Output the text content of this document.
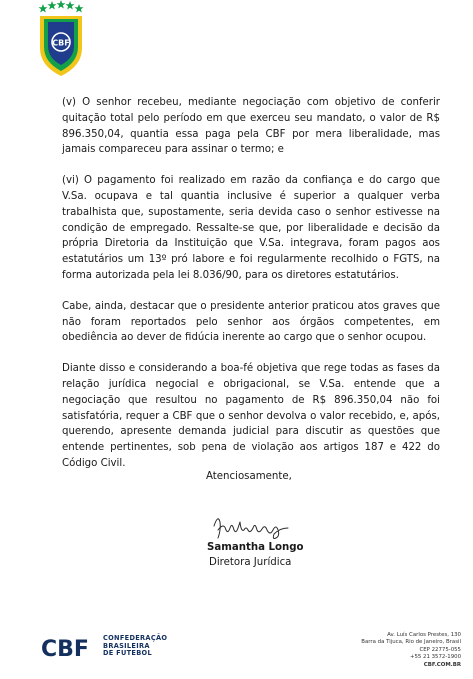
CBF

(v) O senhor recebeu, mediante negociação com objetivo de conferir quitação total pelo período em que exerceu seu mandato, o valor de R$ 896.350,04, quantia essa paga pela CBF por mera liberalidade, mas jamais compareceu para assinar o termo; e

(vi) O pagamento foi realizado em razão da confiança e do cargo que V.Sa. ocupava e tal quantia inclusive é superior a qualquer verba trabalhista que, supostamente, seria devida caso o senhor estivesse na condição de empregado. Ressalte-se que, por liberalidade e decisão da própria Diretoria da Instituição que V.Sa. integrava, foram pagos aos estatutários um 13º pró labore e foi regularmente recolhido o FGTS, na forma autorizada pela lei 8.036/90, para os diretores estatutários.

Cabe, ainda, destacar que o presidente anterior praticou atos graves que não foram reportados pelo senhor aos órgãos competentes, em obediência ao dever de fidúcia inerente ao cargo que o senhor ocupou.

Diante disso e considerando a boa-fé objetiva que rege todas as fases da relação jurídica negocial e obrigacional, se V.Sa. entende que a negociação que resultou no pagamento de R$ 896.350,04 não foi satisfatória, requer a CBF que o senhor devolva o valor recebido, e, após, querendo, apresente demanda judicial para discutir as questões que entende pertinentes, sob pena de violação aos artigos 187 e 422 do Código Civil.

Atenciosamente,
Samantha Longo
Diretora Jurídica
CBF CONFEDERAÇÃO
BRASILEIRA
DE FUTEBOL
Av. Luís Carlos Prestes, 130
Barra da Tijuca, Rio de Janeiro, Brasil
CEP 22775-055
+55 21 3572-1900
CBF.COM.BR
